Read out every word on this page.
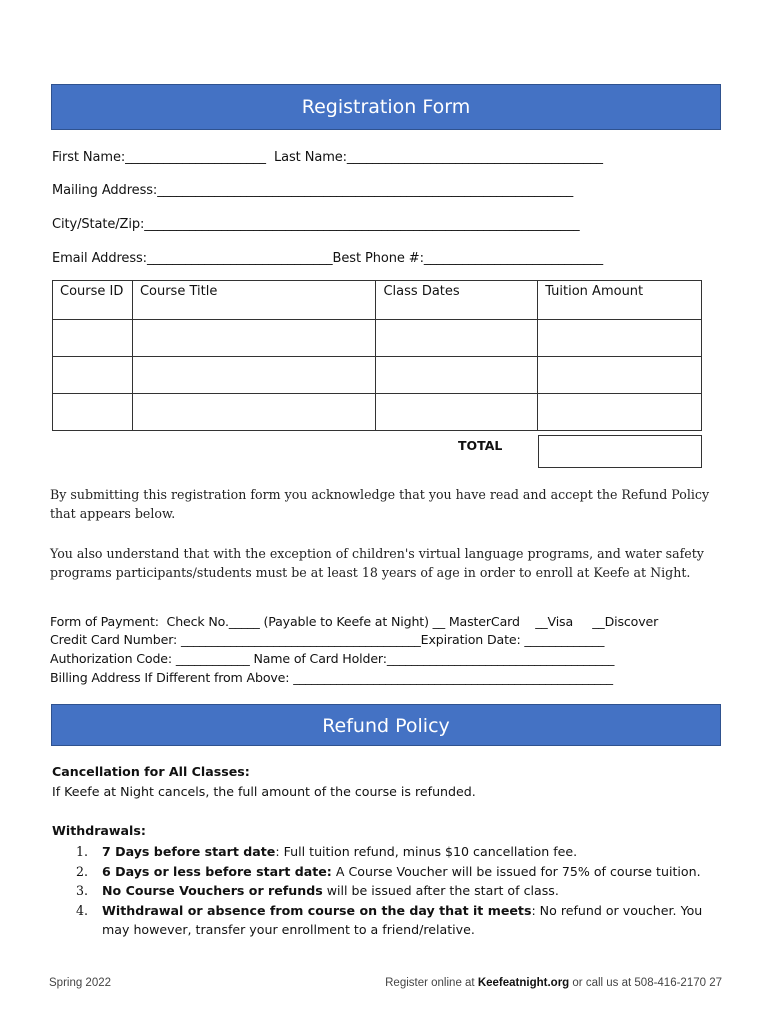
Registration Form
First Name:______________________  Last Name:________________________________________
Mailing Address:_________________________________________________________________
City/State/Zip:____________________________________________________________________
Email Address:_____________________________Best Phone #:____________________________
Course ID	Course Title	Class Dates	Tuition Amount

TOTAL
By submitting this registration form you acknowledge that you have read and accept the Refund Policy that appears below.
You also understand that with the exception of children's virtual language programs, and water safety programs participants/students must be at least 18 years of age in order to enroll at Keefe at Night.
Form of Payment:  Check No._____ (Payable to Keefe at Night) __ MasterCard    __Visa     __Discover
Credit Card Number: _______________________________________Expiration Date: _____________
Authorization Code: ____________ Name of Card Holder:_____________________________________
Billing Address If Different from Above: ____________________________________________________
Refund Policy
Cancellation for All Classes:
If Keefe at Night cancels, the full amount of the course is refunded.
Withdrawals:
1.	7 Days before start date: Full tuition refund, minus $10 cancellation fee.
2.	6 Days or less before start date: A Course Voucher will be issued for 75% of course tuition.
3.	No Course Vouchers or refunds will be issued after the start of class.
4.	Withdrawal or absence from course on the day that it meets: No refund or voucher. You may however, transfer your enrollment to a friend/relative.
Spring 2022	Register online at Keefeatnight.org or call us at 508-416-2170 27
